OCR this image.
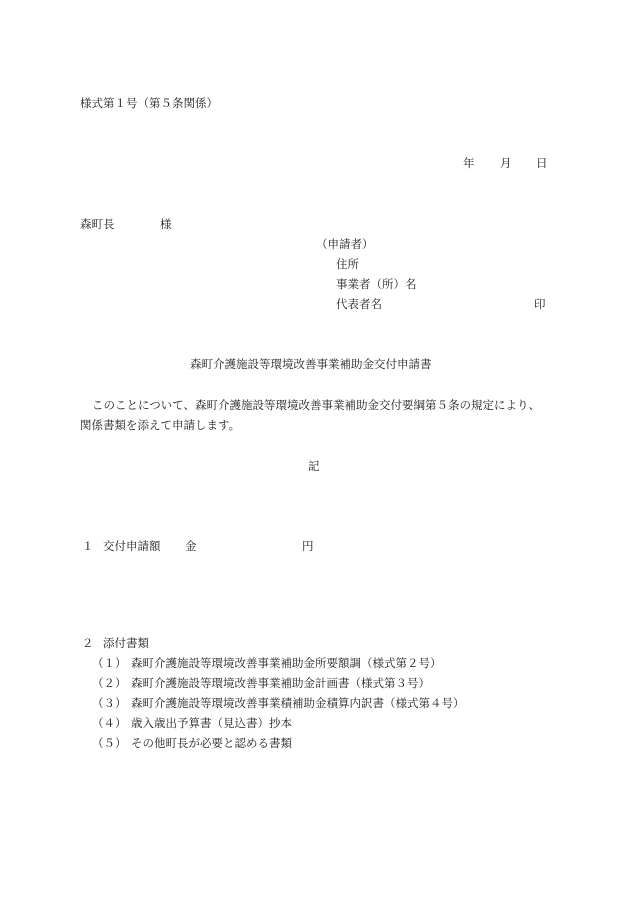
様式第１号（第５条関係）
年 月 日
森町長	様
（申請者）
住所
事業者（所）名
代表者名	印
森町介護施設等環境改善事業補助金交付申請書
このことについて、森町介護施設等環境改善事業補助金交付要綱第５条の規定により、
関係書類を添えて申請します。
記
１ 交付申請額 金	円
２ 添付書類
（１） 森町介護施設等環境改善事業補助金所要額調（様式第２号）
（２） 森町介護施設等環境改善事業補助金計画書（様式第３号）
（３） 森町介護施設等環境改善事業積補助金積算内訳書（様式第４号）
（４） 歳入歳出予算書（見込書）抄本
（５） その他町長が必要と認める書類
